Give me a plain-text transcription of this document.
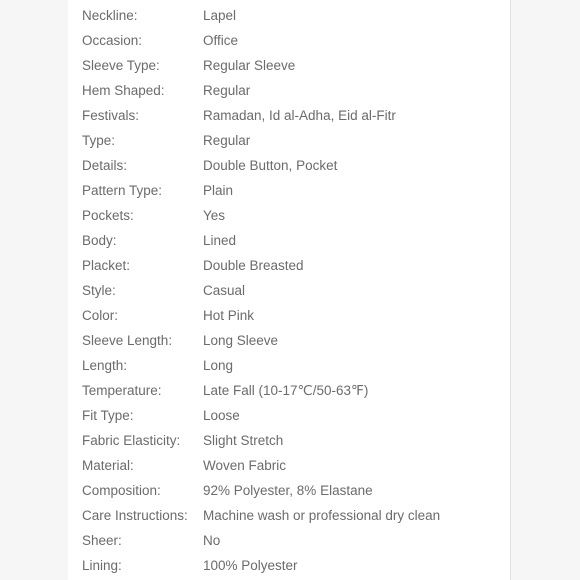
Neckline:	Lapel
Occasion:	Office
Sleeve Type:	Regular Sleeve
Hem Shaped:	Regular
Festivals:	Ramadan, Id al-Adha, Eid al-Fitr
Type:	Regular
Details:	Double Button, Pocket
Pattern Type:	Plain
Pockets:	Yes
Body:	Lined
Placket:	Double Breasted
Style:	Casual
Color:	Hot Pink
Sleeve Length:	Long Sleeve
Length:	Long
Temperature:	Late Fall (10-17℃/50-63℉)
Fit Type:	Loose
Fabric Elasticity:	Slight Stretch
Material:	Woven Fabric
Composition:	92% Polyester, 8% Elastane
Care Instructions:	Machine wash or professional dry clean
Sheer:	No
Lining:	100% Polyester
